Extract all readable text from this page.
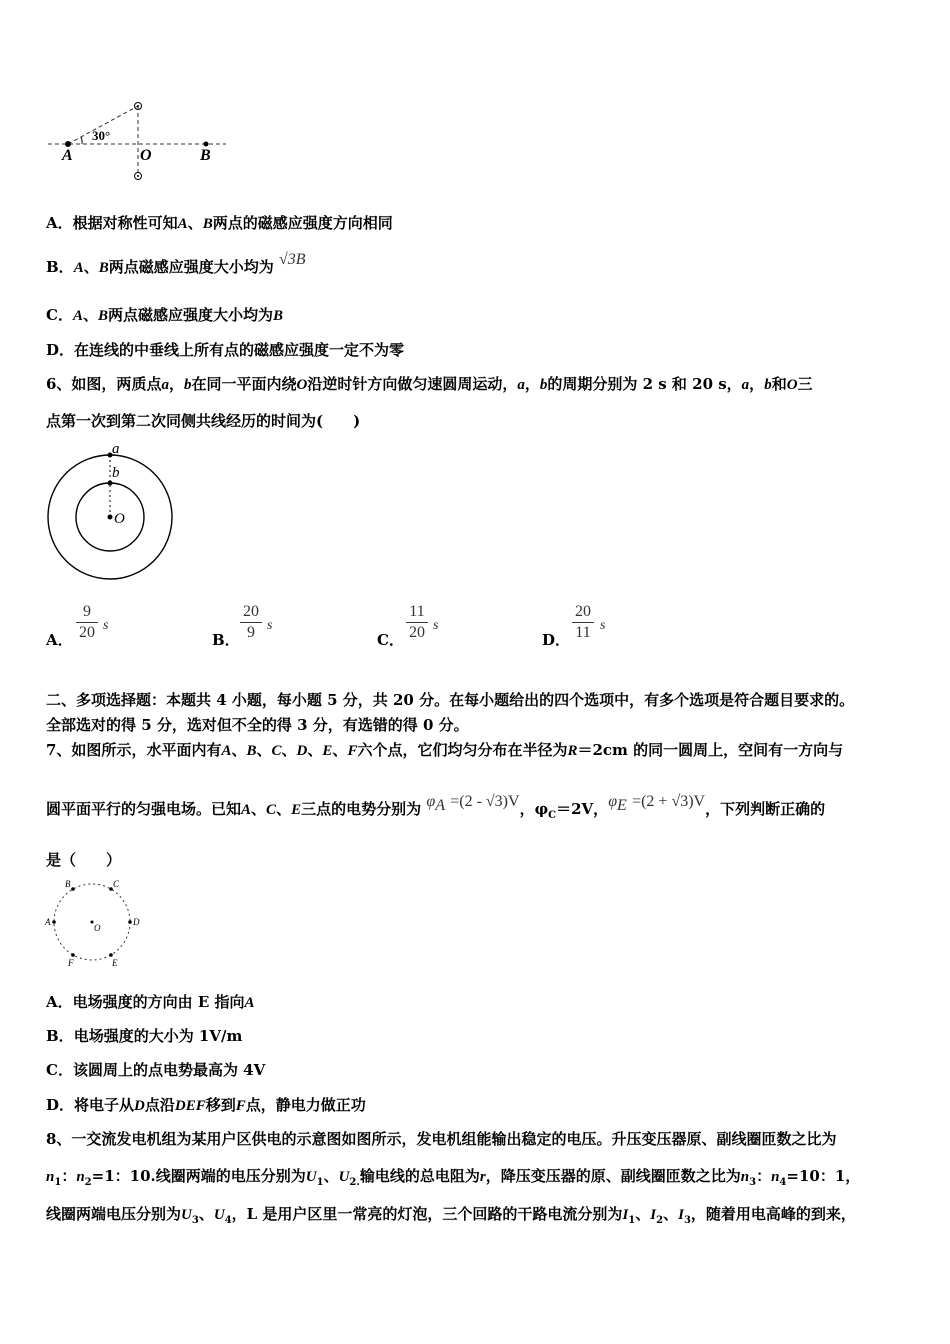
30°
A	O	B
A．根据对称性可知A、B两点的磁感应强度方向相同
B．A、B两点磁感应强度大小均为 √3B
C．A、B两点磁感应强度大小均为B
D．在连线的中垂线上所有点的磁感应强度一定不为零
6、如图，两质点a，b在同一平面内绕O沿逆时针方向做匀速圆周运动，a，b的周期分别为 2 s 和 20 s，a，b和O三
点第一次到第二次同侧共线经历的时间为(　　)
a
b
O
A．
9
20 s
B．
20
9 s
C．
11
20 s
D．
20
11 s
二、多项选择题：本题共 4 小题，每小题 5 分，共 20 分。在每小题给出的四个选项中，有多个选项是符合题目要求的。
全部选对的得 5 分，选对但不全的得 3 分，有选错的得 0 分。
7、如图所示，水平面内有A、B、C、D、E、F六个点，它们均匀分布在半径为R＝2cm 的同一圆周上，空间有一方向与
圆平面平行的匀强电场。已知A、C、E三点的电势分别为 $\varphi_A =(2 - √3)V$，$\varphi_C=2V$，$\varphi_E =(2 + √3)V$，下列判断正确的
是（　　）
B	C
A	D
O
F	E
A．电场强度的方向由 E 指向A
B．电场强度的大小为 1V/m
C．该圆周上的点电势最高为 4V
D．将电子从D点沿DEF移到F点，静电力做正功
8、一交流发电机组为某用户区供电的示意图如图所示，发电机组能输出稳定的电压。升压变压器原、副线圈匝数之比为
$n_1$：$n_2=1$：10.线圈两端的电压分别为$U_1$、$U_{2.}$输电线的总电阻为r，降压变压器的原、副线圈匝数之比为$n_3$：$n_4=10$：1，
线圈两端电压分别为$U_3$、$U_4$，L 是用户区里一常亮的灯泡，三个回路的干路电流分别为$I_1$、$I_2$、$I_3$，随着用电高峰的到来，
